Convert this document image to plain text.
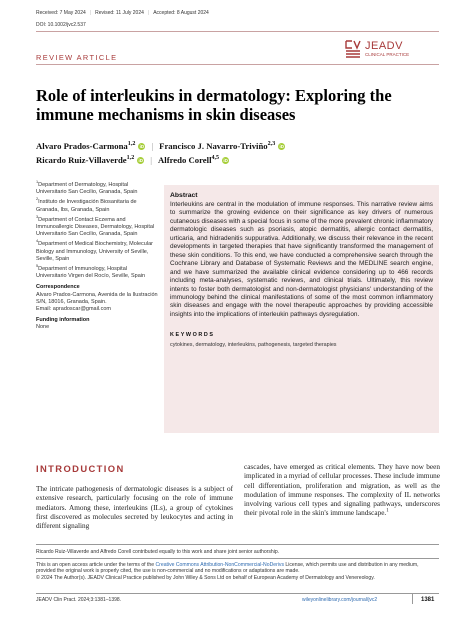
Received: 7 May 2024 | Revised: 11 July 2024 | Accepted: 8 August 2024
DOI: 10.1002/jvc2.537
REVIEW ARTICLE
JEADV
CLINICAL PRACTICE
Role of interleukins in dermatology: Exploring the immune mechanisms in skin diseases
Alvaro Prados-Carmona$^{1,2}$ iD | Francisco J. Navarro-Triviño$^{2,3}$ iD
Ricardo Ruiz-Villaverde$^{1,2}$ iD | Alfredo Corell$^{4,5}$ iD

$^1$Department of Dermatology, Hospital Universitario San Cecilio, Granada, Spain

$^2$Instituto de Investigación Biosanitaria de Granada, Ibs, Granada, Spain

$^3$Department of Contact Eczema and Immunoallergic Diseases, Dermatology, Hospital Universitario San Cecilio, Granada, Spain

$^4$Department of Medical Biochemistry, Molecular Biology and Immunology, University of Seville, Seville, Spain

$^5$Department of Immunology, Hospital Universitario Virgen del Rocío, Seville, Spain

Correspondence

Alvaro Prados-Carmona, Avenida de la Ilustración S/N, 18016, Granada, Spain.
Email: apradoscar@gmail.com

Funding information

None

Abstract
Interleukins are central in the modulation of immune responses. This narrative review aims to summarize the growing evidence on their significance as key drivers of numerous cutaneous diseases with a special focus in some of the more prevalent chronic inflammatory dermatologic diseases such as psoriasis, atopic dermatitis, allergic contact dermatitis, urticaria, and hidradenitis suppurativa. Additionally, we discuss their relevance in the recent developments in targeted therapies that have significantly transformed the management of these skin conditions. To this end, we have conducted a comprehensive search through the Cochrane Library and Database of Systematic Reviews and the MEDLINE search engine, and we have summarized the available clinical evidence considering up to 466 records including meta-analyses, systematic reviews, and clinical trials. Ultimately, this review intents to foster both dermatologist and non-dermatologist physicians' understanding of the immunology behind the clinical manifestations of some of the most common inflammatory skin diseases and engage with the novel therapeutic approaches by providing accessible insights into the implications of interleukin pathways dysregulation.
KEYWORDS
cytokines, dermatology, interleukins, pathogenesis, targeted therapies
INTRODUCTION
The intricate pathogenesis of dermatologic diseases is a subject of extensive research, particularly focusing on the role of immune mediators. Among these, interleukins (ILs), a group of cytokines first discovered as molecules secreted by leukocytes and acting in different signaling
cascades, have emerged as critical elements. They have now been implicated in a myriad of cellular processes. These include immune cell differentiation, proliferation and migration, as well as the modulation of immune responses. The complexity of IL networks involving various cell types and signaling pathways, underscores their pivotal role in the skin's immune landscape.$^1$
Ricardo Ruiz-Villaverde and Alfredo Corell contributed equally to this work and share joint senior authorship.
This is an open access article under the terms of the Creative Commons Attribution-NonCommercial-NoDerivs License, which permits use and distribution in any medium, provided the original work is properly cited, the use is non-commercial and no modifications or adaptations are made.
© 2024 The Author(s). JEADV Clinical Practice published by John Wiley & Sons Ltd on behalf of European Academy of Dermatology and Venereology.
JEADV Clin Pract. 2024;3:1381–1398.	wileyonlinelibrary.com/journal/jvc2	1381
